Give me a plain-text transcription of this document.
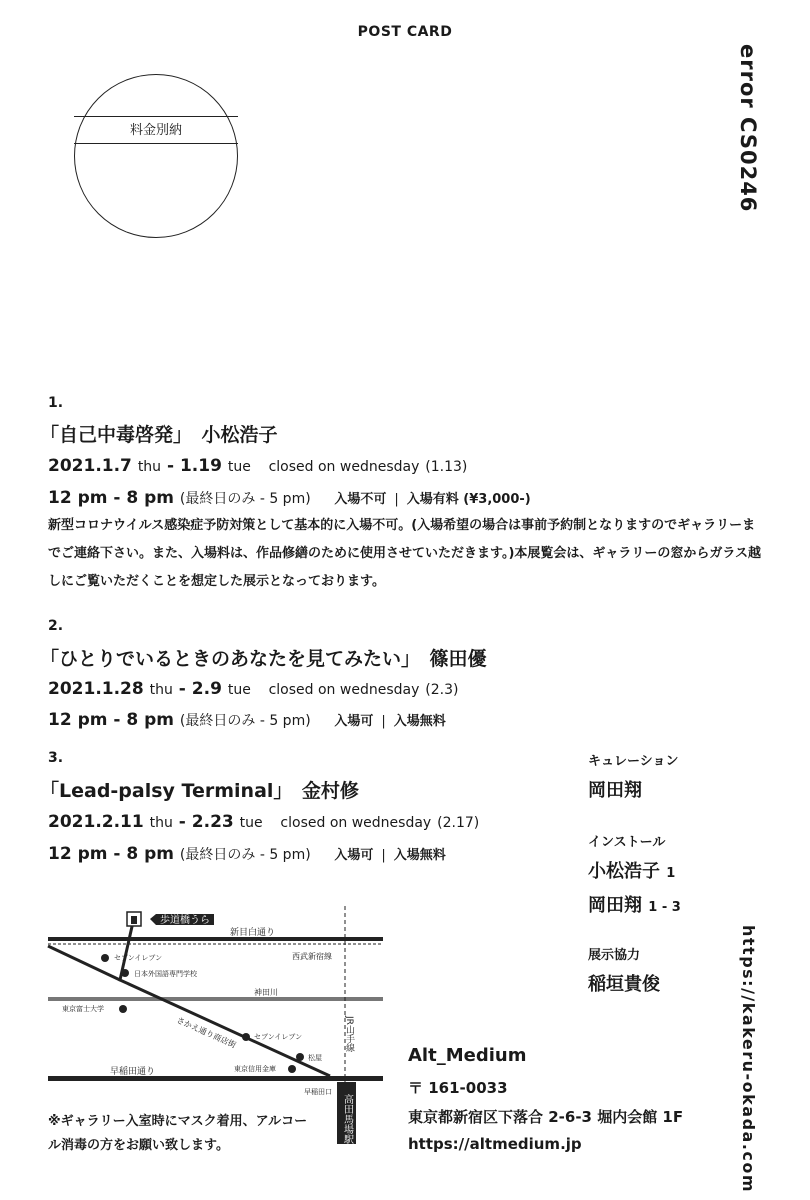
POST CARD
料金別納	error CS0246
https://kakeru-okada.com
1.
「自己中毒啓発」　小松浩子
2021.1.7 thu - 1.19 tue closed on wednesday (1.13)
12 pm - 8 pm (最終日のみ - 5 pm) 入場不可 | 入場有料 (¥3,000-)
新型コロナウイルス感染症予防対策として基本的に入場不可。(入場希望の場合は事前予約制となりますのでギャラリーまでご連絡下さい。また、入場料は、作品修繕のために使用させていただきます。)本展覧会は、ギャラリーの窓からガラス越しにご覧いただくことを想定した展示となっております。
2.
「ひとりでいるときのあなたを見てみたい」　篠田優
2021.1.28 thu - 2.9 tue closed on wednesday (2.3)
12 pm - 8 pm (最終日のみ - 5 pm) 入場可 | 入場無料
3.
「Lead-palsy Terminal」　金村修
2021.2.11 thu - 2.23 tue closed on wednesday (2.17)
12 pm - 8 pm (最終日のみ - 5 pm) 入場可 | 入場無料
キュレーション
岡田翔
インストール
小松浩子 1
岡田翔 1 - 3
展示協力
稲垣貴俊
歩道橋うら
高田馬場駅
新目白通り
西武新宿線
セブンイレブン
日本外国語専門学校
神田川
東京富士大学
JR山手線
さかえ通り商店街 セブンイレブン
松屋
東京信用金庫
早稲田通り
早稲田口
※ギャラリー入室時にマスク着用、アルコール消毒の方をお願い致します。
Alt_Medium
〒 161-0033
東京都新宿区下落合 2-6-3 堀内会館 1F
https://altmedium.jp
